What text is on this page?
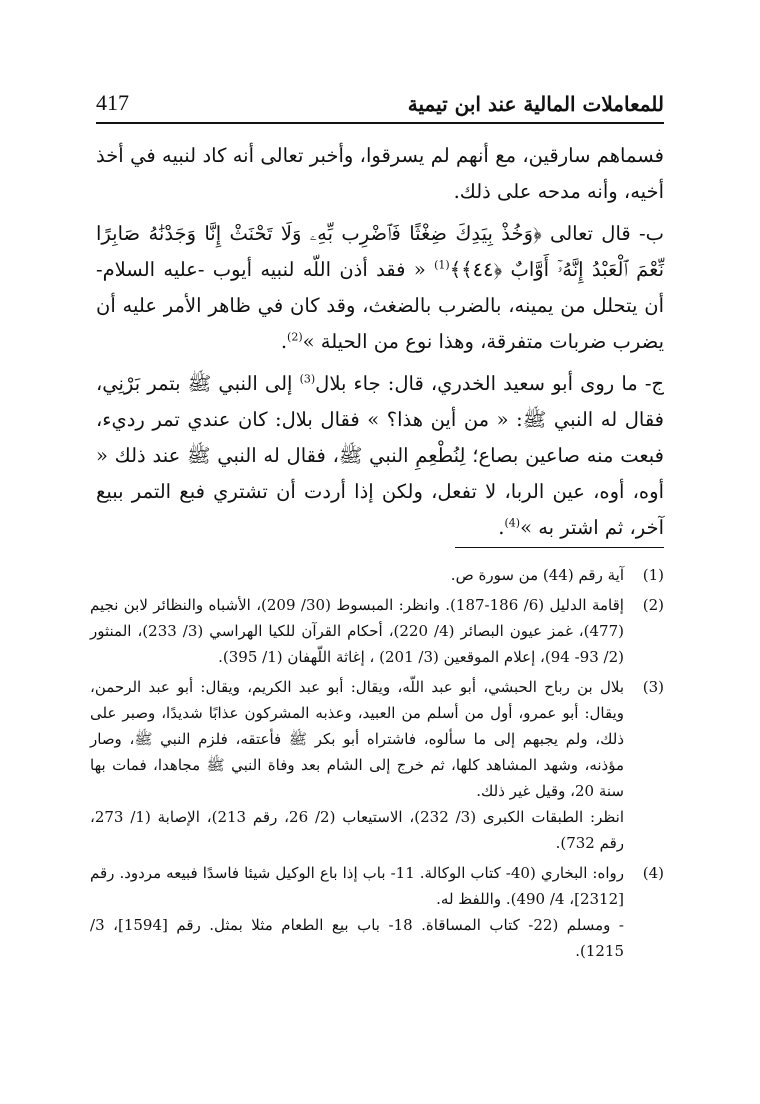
للمعاملات المالية عند ابن تيمية
417

فسماهم سارقين، مع أنهم لم يسرقوا، وأخبر تعالى أنه كاد لنبيه في أخذ أخيه، وأنه مدحه على ذلك.

ب- قال تعالى ﴿وَخُذْ بِيَدِكَ ضِغْثًا فَٱضْرِب بِّهِۦ وَلَا تَحْنَثْ إِنَّا وَجَدْنَٰهُ صَابِرًا نِّعْمَ ٱلْعَبْدُ إِنَّهُۥٓ أَوَّابٌ ﴿٤٤﴾﴾$^{(1)}$ « فقد أذن اللّه لنبيه أيوب -عليه السلام- أن يتحلل من يمينه، بالضرب بالضغث، وقد كان في ظاهر الأمر عليه أن يضرب ضربات متفرقة، وهذا نوع من الحيلة »$^{(2)}$.

ج- ما روى أبو سعيد الخدري، قال: جاء بلال$^{(3)}$ إلى النبي ﷺ بتمر بَرْنِي، فقال له النبي ﷺ: « من أين هذا؟ » فقال بلال: كان عندي تمر رديء، فبعت منه صاعين بصاع؛ لِنُطْعِمِ النبي ﷺ، فقال له النبي ﷺ عند ذلك « أوه، أوه، عين الربا، لا تفعل، ولكن إذا أردت أن تشتري فبع التمر ببيع آخر، ثم اشتر به »$^{(4)}$.

(1)

آية رقم (44) من سورة ص.

(2)

إقامة الدليل (6/ 186-187). وانظر: المبسوط (30/ 209)، الأشباه والنظائر لابن نجيم (477)، غمز عيون البصائر (4/ 220)، أحكام القرآن للكيا الهراسي (3/ 233)، المنثور (2/ 93- 94)، إعلام الموقعين (3/ 201) ، إغاثة اللّهفان (1/ 395).

(3)

بلال بن رباح الحبشي، أبو عبد اللّه، ويقال: أبو عبد الكريم، ويقال: أبو عبد الرحمن، ويقال: أبو عمرو، أول من أسلم من العبيد، وعذبه المشركون عذابًا شديدًا، وصبر على ذلك، ولم يجبهم إلى ما سألوه، فاشتراه أبو بكر ﷺ فأعتقه، فلزم النبي ﷺ، وصار مؤذنه، وشهد المشاهد كلها، ثم خرج إلى الشام بعد وفاة النبي ﷺ مجاهدا، فمات بها سنة 20، وقيل غير ذلك.

انظر: الطبقات الكبرى (3/ 232)، الاستيعاب (2/ 26، رقم 213)، الإصابة (1/ 273، رقم 732).

(4)

رواه: البخاري (40- كتاب الوكالة. 11- باب إذا باع الوكيل شيئا فاسدًا فبيعه مردود. رقم [2312]، 4/ 490). واللفظ له.

- ومسلم (22- كتاب المساقاة. 18- باب بيع الطعام مثلا بمثل. رقم [1594]، 3/ 1215).
